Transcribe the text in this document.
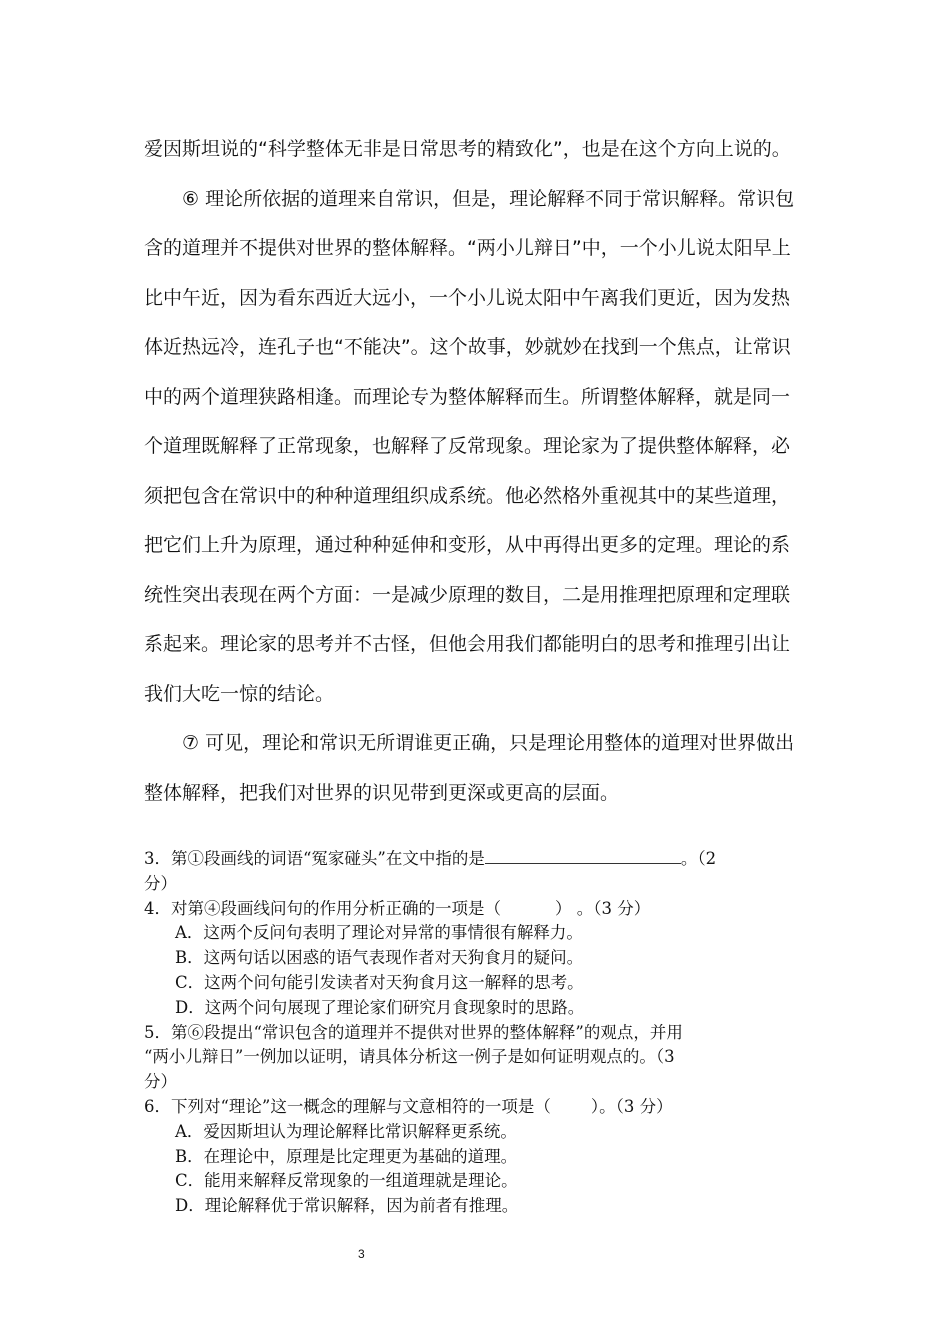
爱因斯坦说的“科学整体无非是日常思考的精致化”，也是在这个方向上说的。

　　⑥ 理论所依据的道理来自常识，但是，理论解释不同于常识解释。常识包

含的道理并不提供对世界的整体解释。“两小儿辩日”中，一个小儿说太阳早上

比中午近，因为看东西近大远小，一个小儿说太阳中午离我们更近，因为发热

体近热远冷，连孔子也“不能决”。这个故事，妙就妙在找到一个焦点，让常识

中的两个道理狭路相逢。而理论专为整体解释而生。所谓整体解释，就是同一

个道理既解释了正常现象，也解释了反常现象。理论家为了提供整体解释，必

须把包含在常识中的种种道理组织成系统。他必然格外重视其中的某些道理，

把它们上升为原理，通过种种延伸和变形，从中再得出更多的定理。理论的系

统性突出表现在两个方面：一是减少原理的数目，二是用推理把原理和定理联

系起来。理论家的思考并不古怪，但他会用我们都能明白的思考和推理引出让

我们大吃一惊的结论。

　　⑦ 可见，理论和常识无所谓谁更正确，只是理论用整体的道理对世界做出

整体解释，把我们对世界的识见带到更深或更高的层面。

3．第①段画线的词语“冤家碰头”在文中指的是	。（2
分）
4．对第④段画线问句的作用分析正确的一项是（	） 。（3 分）
A．这两个反问句表明了理论对异常的事情很有解释力。
B．这两句话以困惑的语气表现作者对天狗食月的疑问。
C．这两个问句能引发读者对天狗食月这一解释的思考。
D．这两个问句展现了理论家们研究月食现象时的思路。
5．第⑥段提出“常识包含的道理并不提供对世界的整体解释”的观点，并用
“两小儿辩日”一例加以证明，请具体分析这一例子是如何证明观点的。（3
分）
6．下列对“理论”这一概念的理解与文意相符的一项是（ ）。（3 分）
A．爱因斯坦认为理论解释比常识解释更系统。
B．在理论中，原理是比定理更为基础的道理。
C．能用来解释反常现象的一组道理就是理论。
D．理论解释优于常识解释，因为前者有推理。
3
